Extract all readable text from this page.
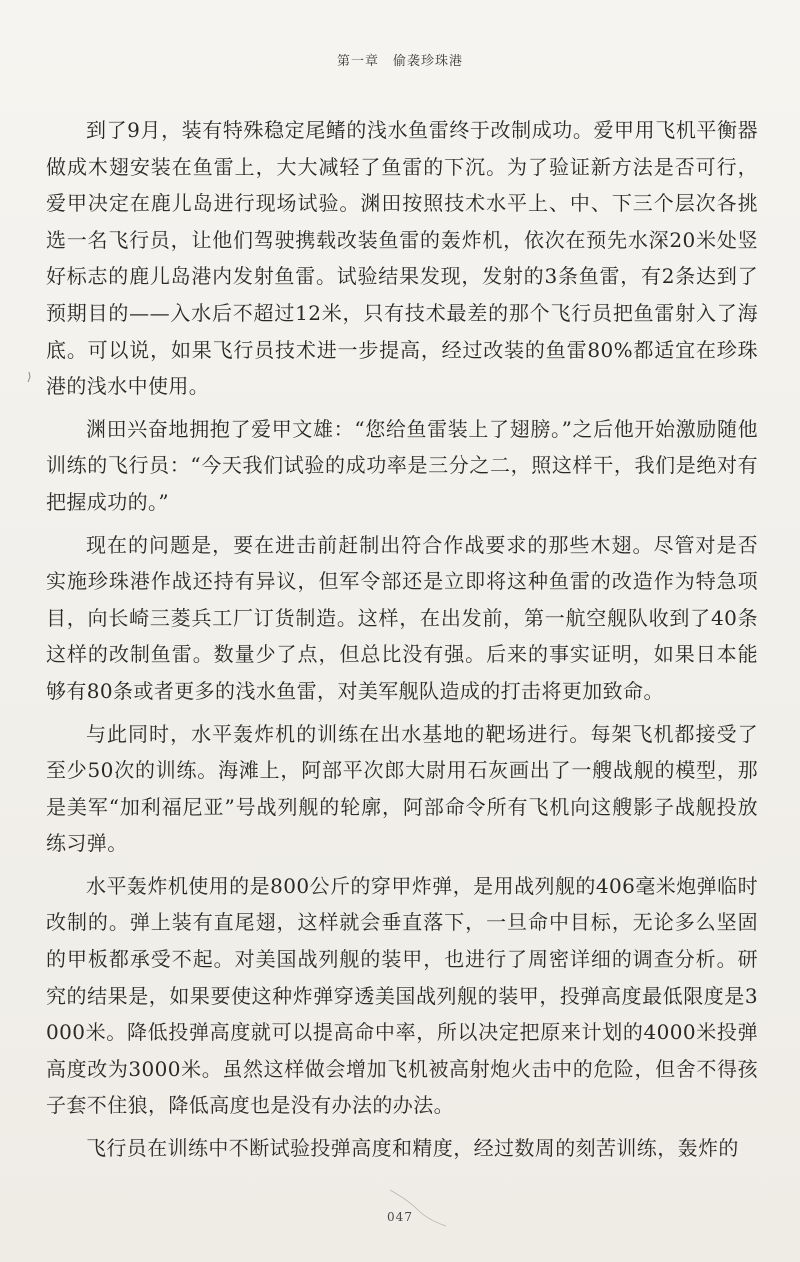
第一章　偷袭珍珠港

到了9月，装有特殊稳定尾鳍的浅水鱼雷终于改制成功。爱甲用飞机平衡器做成木翅安装在鱼雷上，大大减轻了鱼雷的下沉。为了验证新方法是否可行，爱甲决定在鹿儿岛进行现场试验。渊田按照技术水平上、中、下三个层次各挑选一名飞行员，让他们驾驶携载改装鱼雷的轰炸机，依次在预先水深20米处竖好标志的鹿儿岛港内发射鱼雷。试验结果发现，发射的3条鱼雷，有2条达到了预期目的——入水后不超过12米，只有技术最差的那个飞行员把鱼雷射入了海底。可以说，如果飞行员技术进一步提高，经过改装的鱼雷80%都适宜在珍珠港的浅水中使用。

渊田兴奋地拥抱了爱甲文雄：“您给鱼雷装上了翅膀。”之后他开始激励随他训练的飞行员：“今天我们试验的成功率是三分之二，照这样干，我们是绝对有把握成功的。”

现在的问题是，要在进击前赶制出符合作战要求的那些木翅。尽管对是否实施珍珠港作战还持有异议，但军令部还是立即将这种鱼雷的改造作为特急项目，向长崎三菱兵工厂订货制造。这样，在出发前，第一航空舰队收到了40条这样的改制鱼雷。数量少了点，但总比没有强。后来的事实证明，如果日本能够有80条或者更多的浅水鱼雷，对美军舰队造成的打击将更加致命。

与此同时，水平轰炸机的训练在出水基地的靶场进行。每架飞机都接受了至少50次的训练。海滩上，阿部平次郎大尉用石灰画出了一艘战舰的模型，那是美军“加利福尼亚”号战列舰的轮廓，阿部命令所有飞机向这艘影子战舰投放练习弹。

水平轰炸机使用的是800公斤的穿甲炸弹，是用战列舰的406毫米炮弹临时改制的。弹上装有直尾翅，这样就会垂直落下，一旦命中目标，无论多么坚固的甲板都承受不起。对美国战列舰的装甲，也进行了周密详细的调查分析。研究的结果是，如果要使这种炸弹穿透美国战列舰的装甲，投弹高度最低限度是3000米。降低投弹高度就可以提高命中率，所以决定把原来计划的4000米投弹高度改为3000米。虽然这样做会增加飞机被高射炮火击中的危险，但舍不得孩子套不住狼，降低高度也是没有办法的办法。

飞行员在训练中不断试验投弹高度和精度，经过数周的刻苦训练，轰炸的

047
